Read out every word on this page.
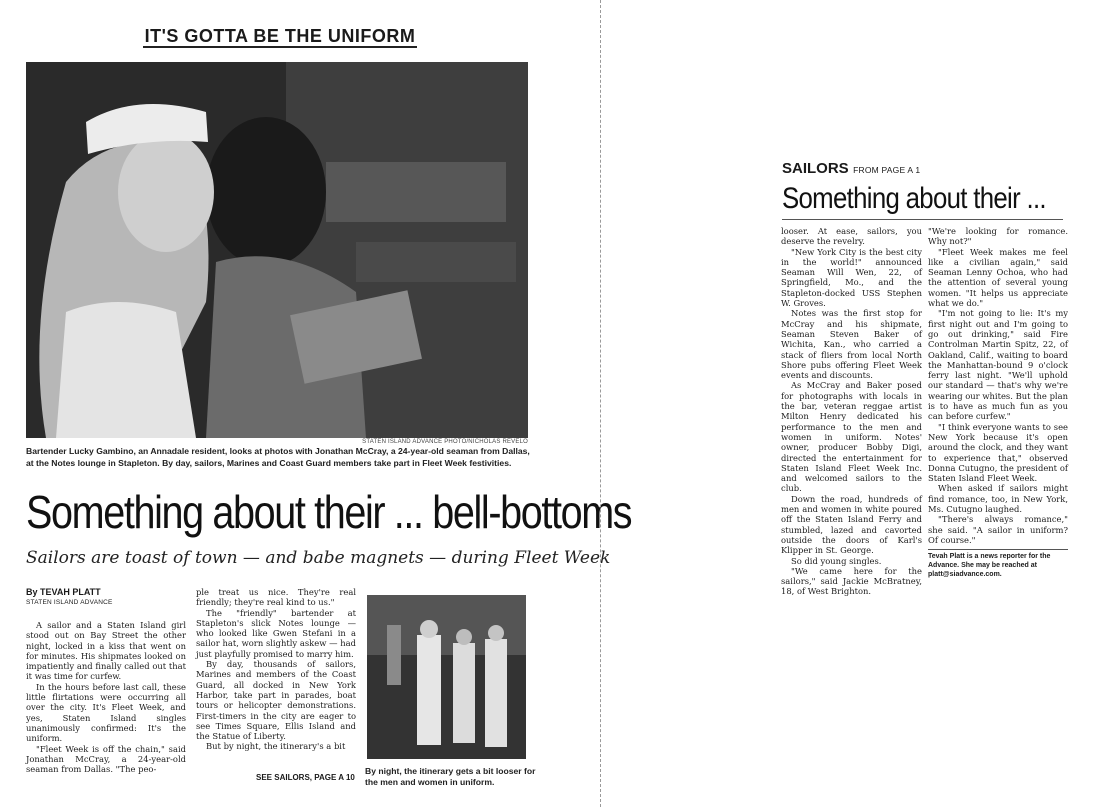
IT'S GOTTA BE THE UNIFORM
STATEN ISLAND ADVANCE PHOTO/NICHOLAS REVELO
Bartender Lucky Gambino, an Annadale resident, looks at photos with Jonathan McCray, a 24-year-old seaman from Dallas, at the Notes lounge in Stapleton. By day, sailors, Marines and Coast Guard members take part in Fleet Week festivities.
Something about their ... bell-bottoms
Sailors are toast of town — and babe magnets — during Fleet Week
By TEVAH PLATT
STATEN ISLAND ADVANCE

A sailor and a Staten Island girl stood out on Bay Street the other night, locked in a kiss that went on for minutes. His shipmates looked on impatiently and finally called out that it was time for curfew.

In the hours before last call, these little flirtations were occurring all over the city. It's Fleet Week, and yes, Staten Island singles unanimously confirmed: It's the uniform.

"Fleet Week is off the chain," said Jonathan McCray, a 24-year-old seaman from Dallas. "The peo-

ple treat us nice. They're real friendly; they're real kind to us."

The "friendly" bartender at Stapleton's slick Notes lounge — who looked like Gwen Stefani in a sailor hat, worn slightly askew — had just playfully promised to marry him.

By day, thousands of sailors, Marines and members of the Coast Guard, all docked in New York Harbor, take part in parades, boat tours or helicopter demonstrations. First-timers in the city are eager to see Times Square, Ellis Island and the Statue of Liberty.

But by night, the itinerary's a bit

SEE SAILORS, PAGE A 10
By night, the itinerary gets a bit looser for the men and women in uniform.
SAILORS FROM PAGE A 1
Something about their ...

looser. At ease, sailors, you deserve the revelry.

"New York City is the best city in the world!" announced Seaman Will Wen, 22, of Springfield, Mo., and the Stapleton-docked USS Stephen W. Groves.

Notes was the first stop for McCray and his shipmate, Seaman Steven Baker of Wichita, Kan., who carried a stack of fliers from local North Shore pubs offering Fleet Week events and discounts.

As McCray and Baker posed for photographs with locals in the bar, veteran reggae artist Milton Henry dedicated his performance to the men and women in uniform. Notes' owner, producer Bobby Digi, directed the entertainment for Staten Island Fleet Week Inc. and welcomed sailors to the club.

Down the road, hundreds of men and women in white poured off the Staten Island Ferry and stumbled, lazed and cavorted outside the doors of Karl's Klipper in St. George.

So did young singles.

"We came here for the sailors," said Jackie McBratney, 18, of West Brighton.

"We're looking for romance. Why not?"

"Fleet Week makes me feel like a civilian again," said Seaman Lenny Ochoa, who had the attention of several young women. "It helps us appreciate what we do."

"I'm not going to lie: It's my first night out and I'm going to go out drinking," said Fire Controlman Martin Spitz, 22, of Oakland, Calif., waiting to board the Manhattan-bound 9 o'clock ferry last night. "We'll uphold our standard — that's why we're wearing our whites. But the plan is to have as much fun as you can before curfew."

"I think everyone wants to see New York because it's open around the clock, and they want to experience that," observed Donna Cutugno, the president of Staten Island Fleet Week.

When asked if sailors might find romance, too, in New York, Ms. Cutugno laughed.

"There's always romance," she said. "A sailor in uniform? Of course."

Tevah Platt is a news reporter for the Advance. She may be reached at platt@siadvance.com.
